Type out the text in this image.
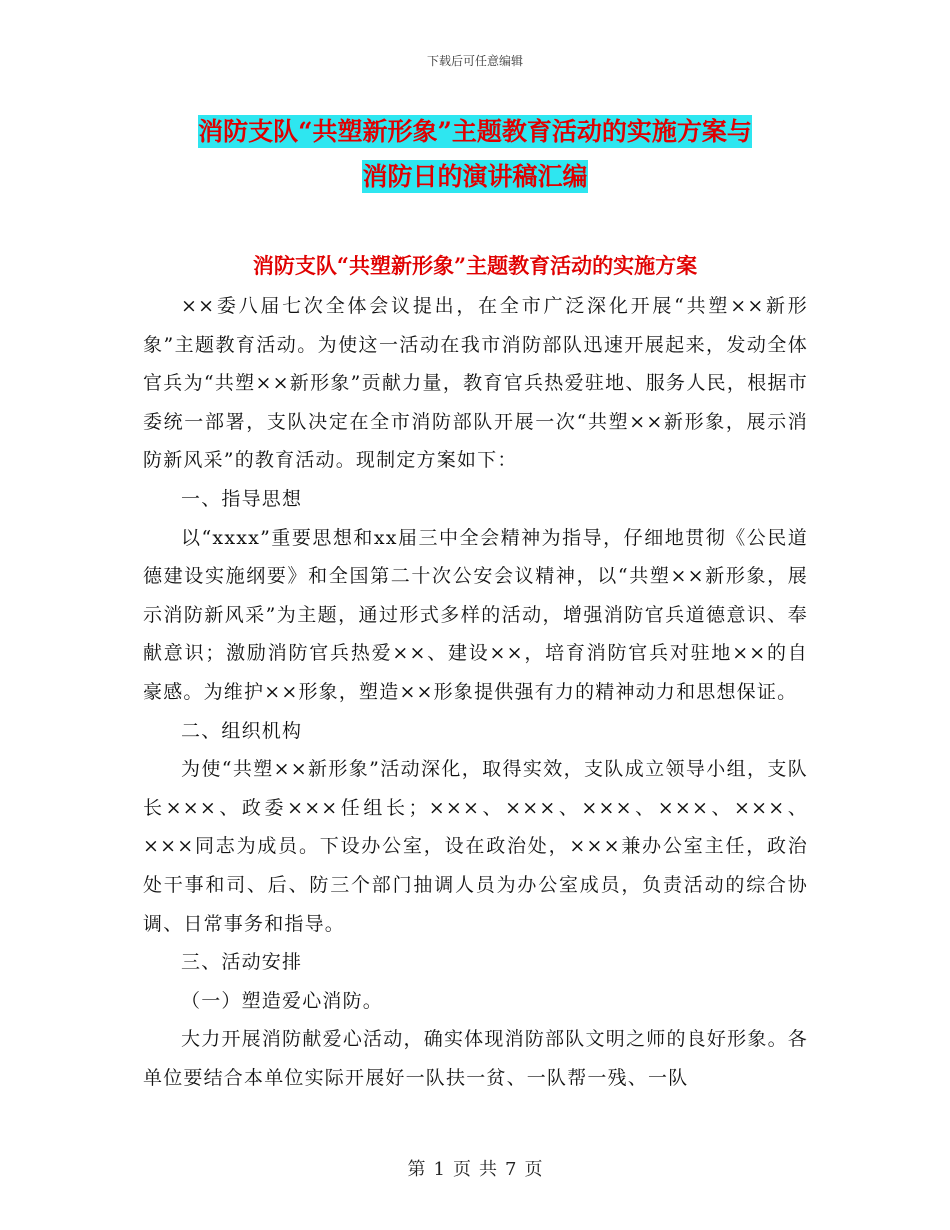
下载后可任意编辑
消防支队“共塑新形象”主题教育活动的实施方案与
消防日的演讲稿汇编
消防支队“共塑新形象”主题教育活动的实施方案

××委八届七次全体会议提出，在全市广泛深化开展“共塑××新形象”主题教育活动。为使这一活动在我市消防部队迅速开展起来，发动全体官兵为“共塑××新形象”贡献力量，教育官兵热爱驻地、服务人民，根据市委统一部署，支队决定在全市消防部队开展一次“共塑××新形象，展示消防新风采”的教育活动。现制定方案如下：

一、指导思想

以“xxxx”重要思想和xx届三中全会精神为指导，仔细地贯彻《公民道德建设实施纲要》和全国第二十次公安会议精神，以“共塑××新形象，展示消防新风采”为主题，通过形式多样的活动，增强消防官兵道德意识、奉献意识；激励消防官兵热爱××、建设××，培育消防官兵对驻地××的自豪感。为维护××形象，塑造××形象提供强有力的精神动力和思想保证。

二、组织机构

为使“共塑××新形象”活动深化，取得实效，支队成立领导小组，支队长×××、政委×××任组长；×××、×××、×××、×××、×××、×××同志为成员。下设办公室，设在政治处，×××兼办公室主任，政治处干事和司、后、防三个部门抽调人员为办公室成员，负责活动的综合协调、日常事务和指导。

三、活动安排

（一）塑造爱心消防。

大力开展消防献爱心活动，确实体现消防部队文明之师的良好形象。各单位要结合本单位实际开展好一队扶一贫、一队帮一残、一队

第 1 页 共 7 页
